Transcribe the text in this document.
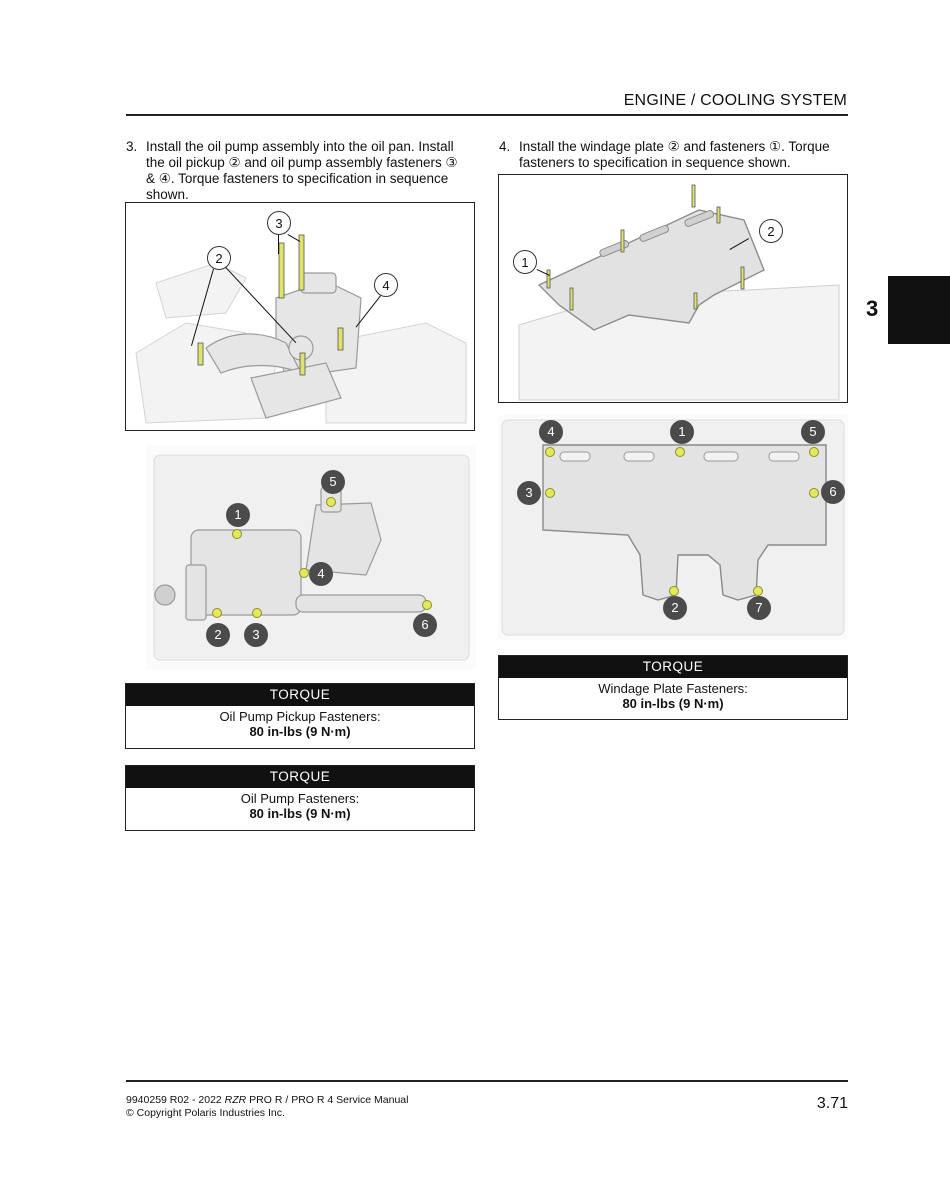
ENGINE / COOLING SYSTEM
3
3. Install the oil pump assembly into the oil pan. Install
the oil pickup ② and oil pump assembly fasteners ③
& ④. Torque fasteners to specification in sequence
shown.
4. Install the windage plate ② and fasteners ①. Torque
fasteners to specification in sequence shown.
3
2
4
1
2	3
4
5
6
1
2
1
2
3
4	5
6
7
TORQUE
Oil Pump Pickup Fasteners:
80 in-lbs (9 N·m)
TORQUE
Oil Pump Fasteners:
80 in-lbs (9 N·m)
TORQUE
Windage Plate Fasteners:
80 in-lbs (9 N·m)
9940259 R02 - 2022 RZR PRO R / PRO R 4 Service Manual
© Copyright Polaris Industries Inc.
3.71
